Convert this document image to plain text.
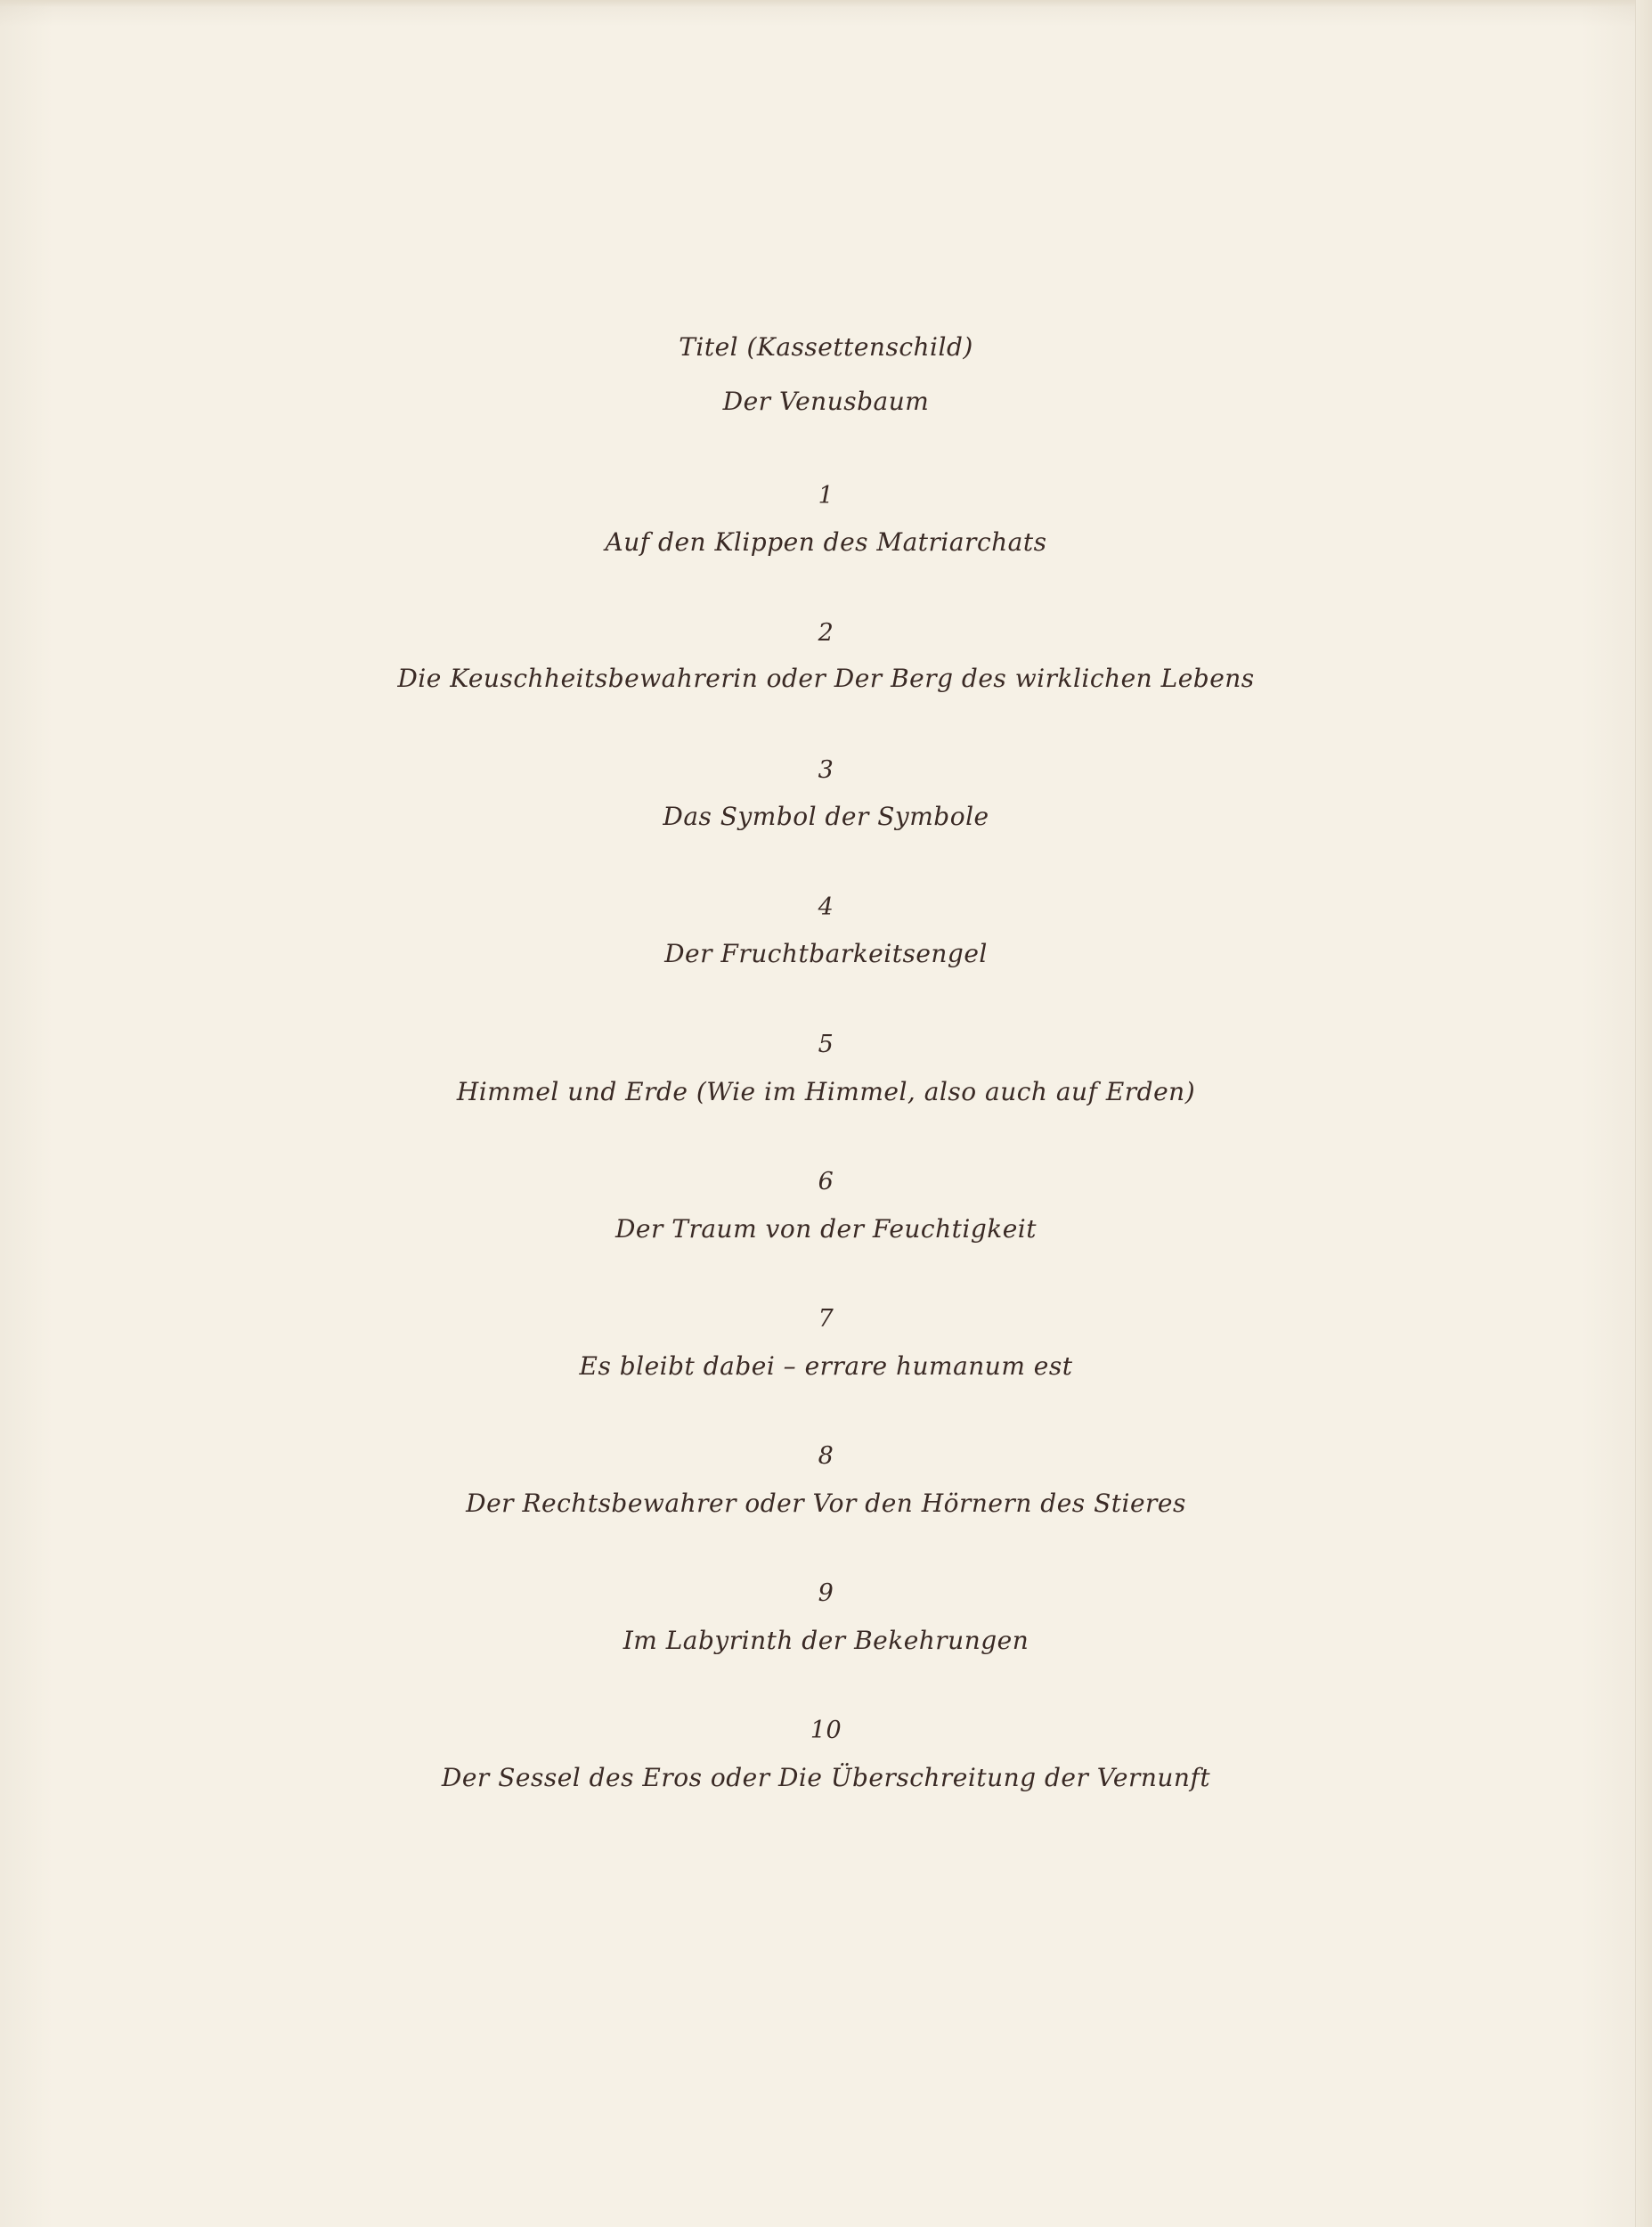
Titel (Kassettenschild)
Der Venusbaum
1
Auf den Klippen des Matriarchats
2
Die Keuschheitsbewahrerin oder Der Berg des wirklichen Lebens
3
Das Symbol der Symbole
4
Der Fruchtbarkeitsengel
5
Himmel und Erde (Wie im Himmel, also auch auf Erden)
6
Der Traum von der Feuchtigkeit
7
Es bleibt dabei – errare humanum est
8
Der Rechtsbewahrer oder Vor den Hörnern des Stieres
9
Im Labyrinth der Bekehrungen
10
Der Sessel des Eros oder Die Überschreitung der Vernunft
